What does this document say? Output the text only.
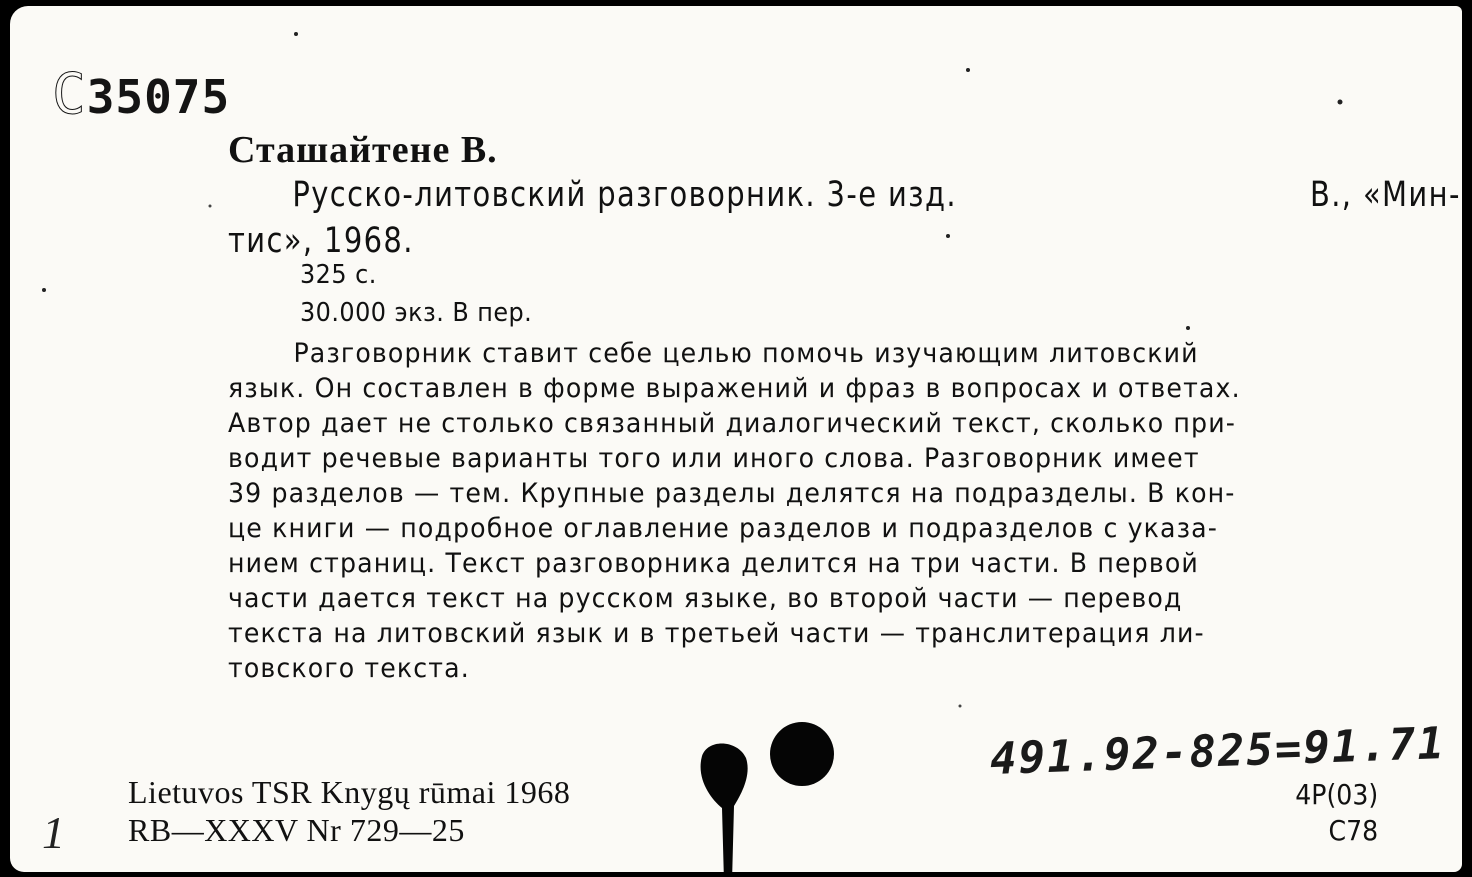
C35075
Сташайтене В.
Русско-литовский разговорник. 3-е изд.	В., «Мин-
тис», 1968.
325 с.
30.000 экз. В пер.
Разговорник ставит себе целью помочь изучающим литовский
язык. Он составлен в форме выражений и фраз в вопросах и ответах.
Автор дает не столько связанный диалогический текст, сколько при-
водит речевые варианты того или иного слова. Разговорник имеет
39 разделов — тем. Крупные разделы делятся на подразделы. В кон-
це книги — подробное оглавление разделов и подразделов с указа-
нием страниц. Текст разговорника делится на три части. В первой
части дается текст на русском языке, во второй части — перевод
текста на литовский язык и в третьей части — транслитерация ли-
товского текста.
491.92-825=91.71
1
Lietuvos TSR Knygų rūmai 1968
RB—XXXV Nr 729—25
4Р(03)
С78
